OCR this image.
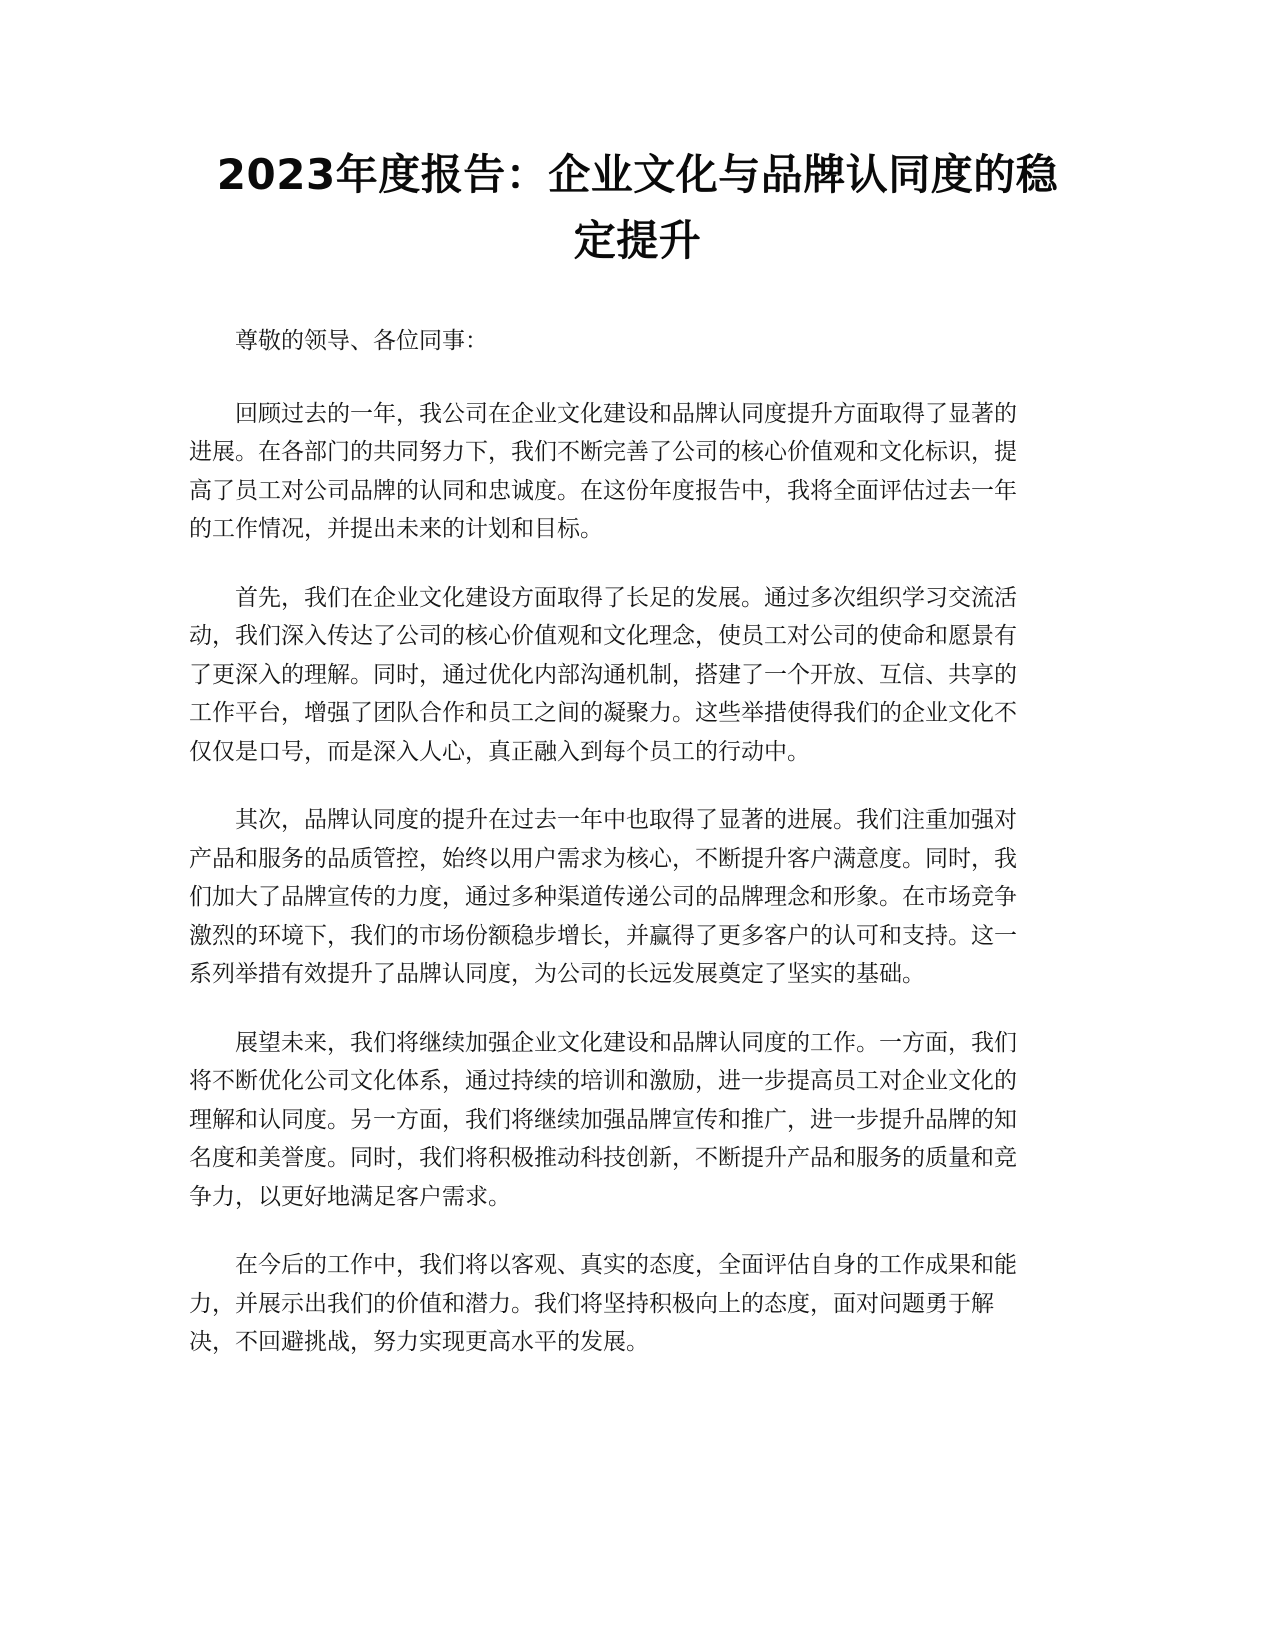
2023年度报告：企业文化与品牌认同度的稳
定提升

尊敬的领导、各位同事：

回顾过去的一年，我公司在企业文化建设和品牌认同度提升方面取得了显著的
进展。在各部门的共同努力下，我们不断完善了公司的核心价值观和文化标识，提
高了员工对公司品牌的认同和忠诚度。在这份年度报告中，我将全面评估过去一年
的工作情况，并提出未来的计划和目标。

首先，我们在企业文化建设方面取得了长足的发展。通过多次组织学习交流活
动，我们深入传达了公司的核心价值观和文化理念，使员工对公司的使命和愿景有
了更深入的理解。同时，通过优化内部沟通机制，搭建了一个开放、互信、共享的
工作平台，增强了团队合作和员工之间的凝聚力。这些举措使得我们的企业文化不
仅仅是口号，而是深入人心，真正融入到每个员工的行动中。

其次，品牌认同度的提升在过去一年中也取得了显著的进展。我们注重加强对
产品和服务的品质管控，始终以用户需求为核心，不断提升客户满意度。同时，我
们加大了品牌宣传的力度，通过多种渠道传递公司的品牌理念和形象。在市场竞争
激烈的环境下，我们的市场份额稳步增长，并赢得了更多客户的认可和支持。这一
系列举措有效提升了品牌认同度，为公司的长远发展奠定了坚实的基础。

展望未来，我们将继续加强企业文化建设和品牌认同度的工作。一方面，我们
将不断优化公司文化体系，通过持续的培训和激励，进一步提高员工对企业文化的
理解和认同度。另一方面，我们将继续加强品牌宣传和推广，进一步提升品牌的知
名度和美誉度。同时，我们将积极推动科技创新，不断提升产品和服务的质量和竞
争力，以更好地满足客户需求。

在今后的工作中，我们将以客观、真实的态度，全面评估自身的工作成果和能
力，并展示出我们的价值和潜力。我们将坚持积极向上的态度，面对问题勇于解
决，不回避挑战，努力实现更高水平的发展。
